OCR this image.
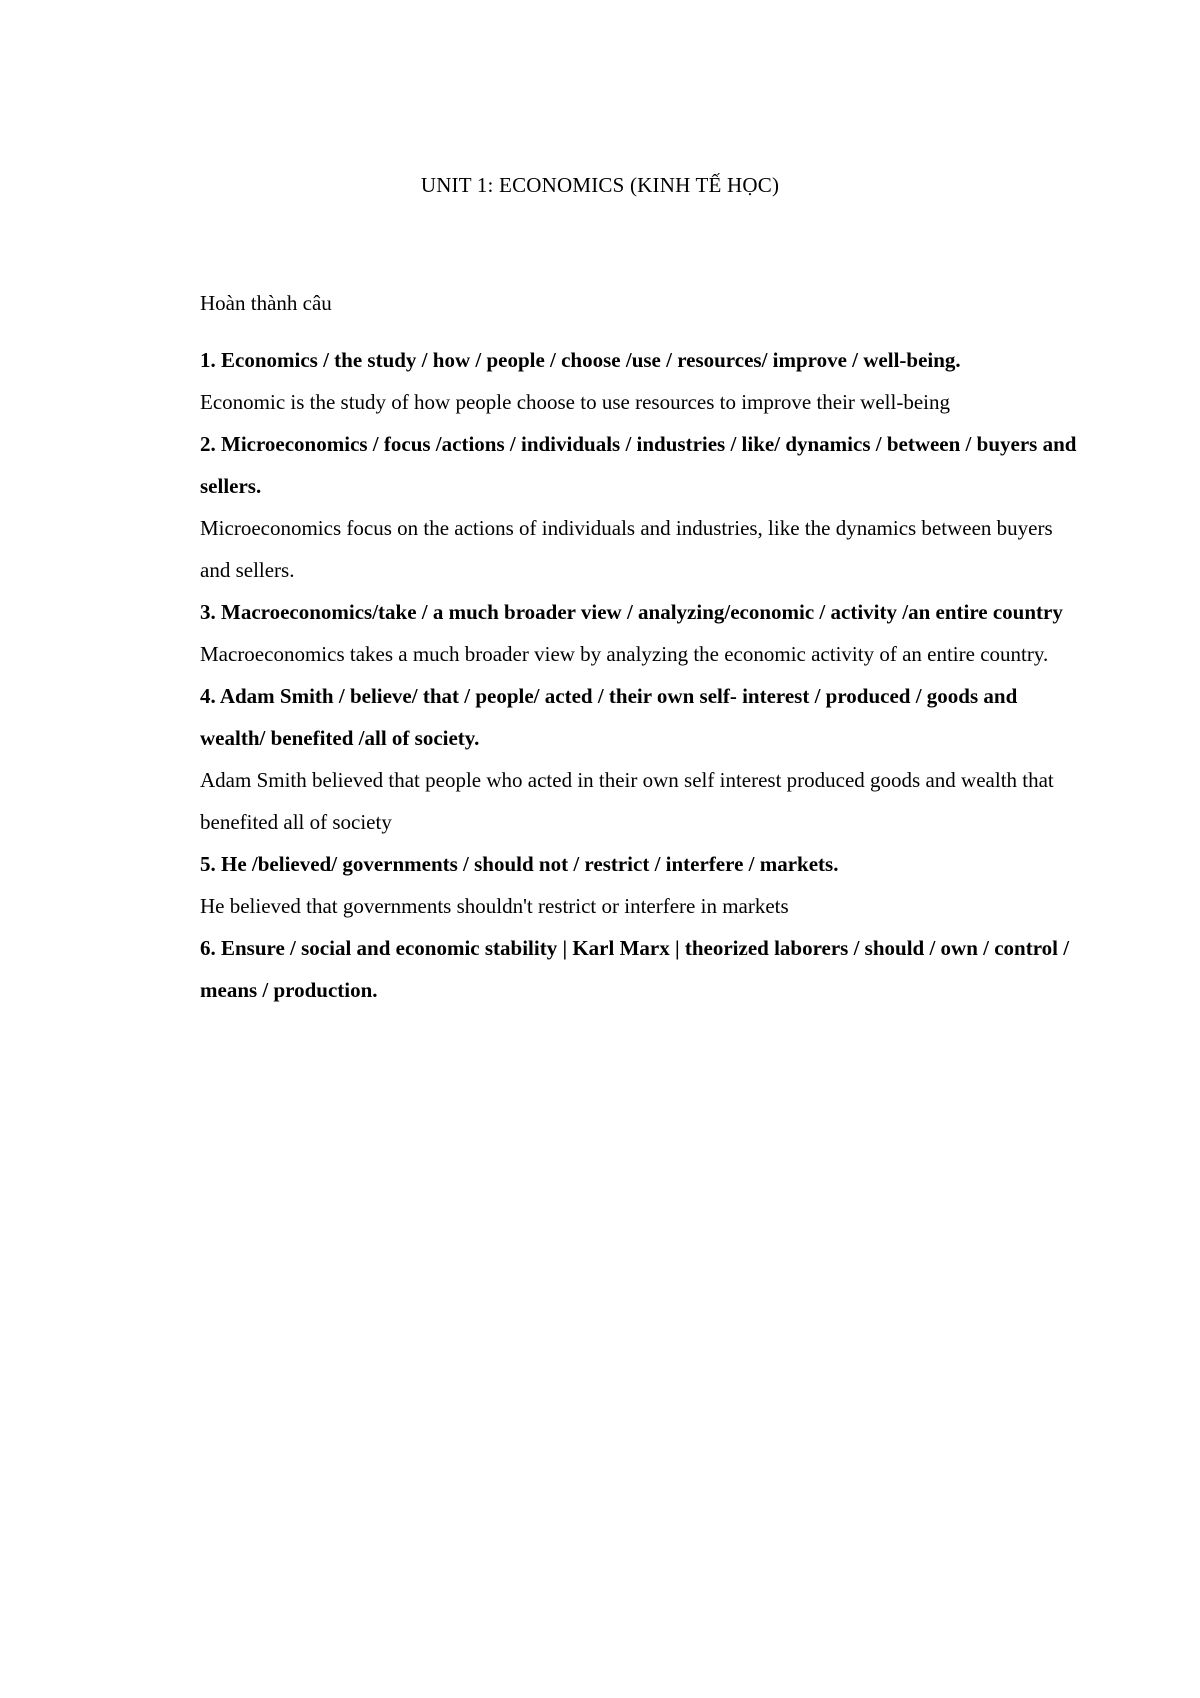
UNIT 1: ECONOMICS (KINH TẾ HỌC)

Hoàn thành câu

1. Economics / the study / how / people / choose /use / resources/ improve / well-being.

Economic is the study of how people choose to use resources to improve their well-being

2. Microeconomics / focus /actions / individuals / industries / like/ dynamics / between / buyers and sellers.

Microeconomics focus on the actions of individuals and industries, like the dynamics between buyers and sellers.

3. Macroeconomics/take / a much broader view / analyzing/economic / activity /an entire country

Macroeconomics takes a much broader view by analyzing the economic activity of an entire country.

4. Adam Smith / believe/ that / people/ acted / their own self- interest / produced / goods and wealth/ benefited /all of society.

Adam Smith believed that people who acted in their own self interest produced goods and wealth that benefited all of society

5. He /believed/ governments / should not / restrict / interfere / markets.

He believed that governments shouldn't restrict or interfere in markets

6. Ensure / social and economic stability | Karl Marx | theorized laborers / should / own / control / means / production.
